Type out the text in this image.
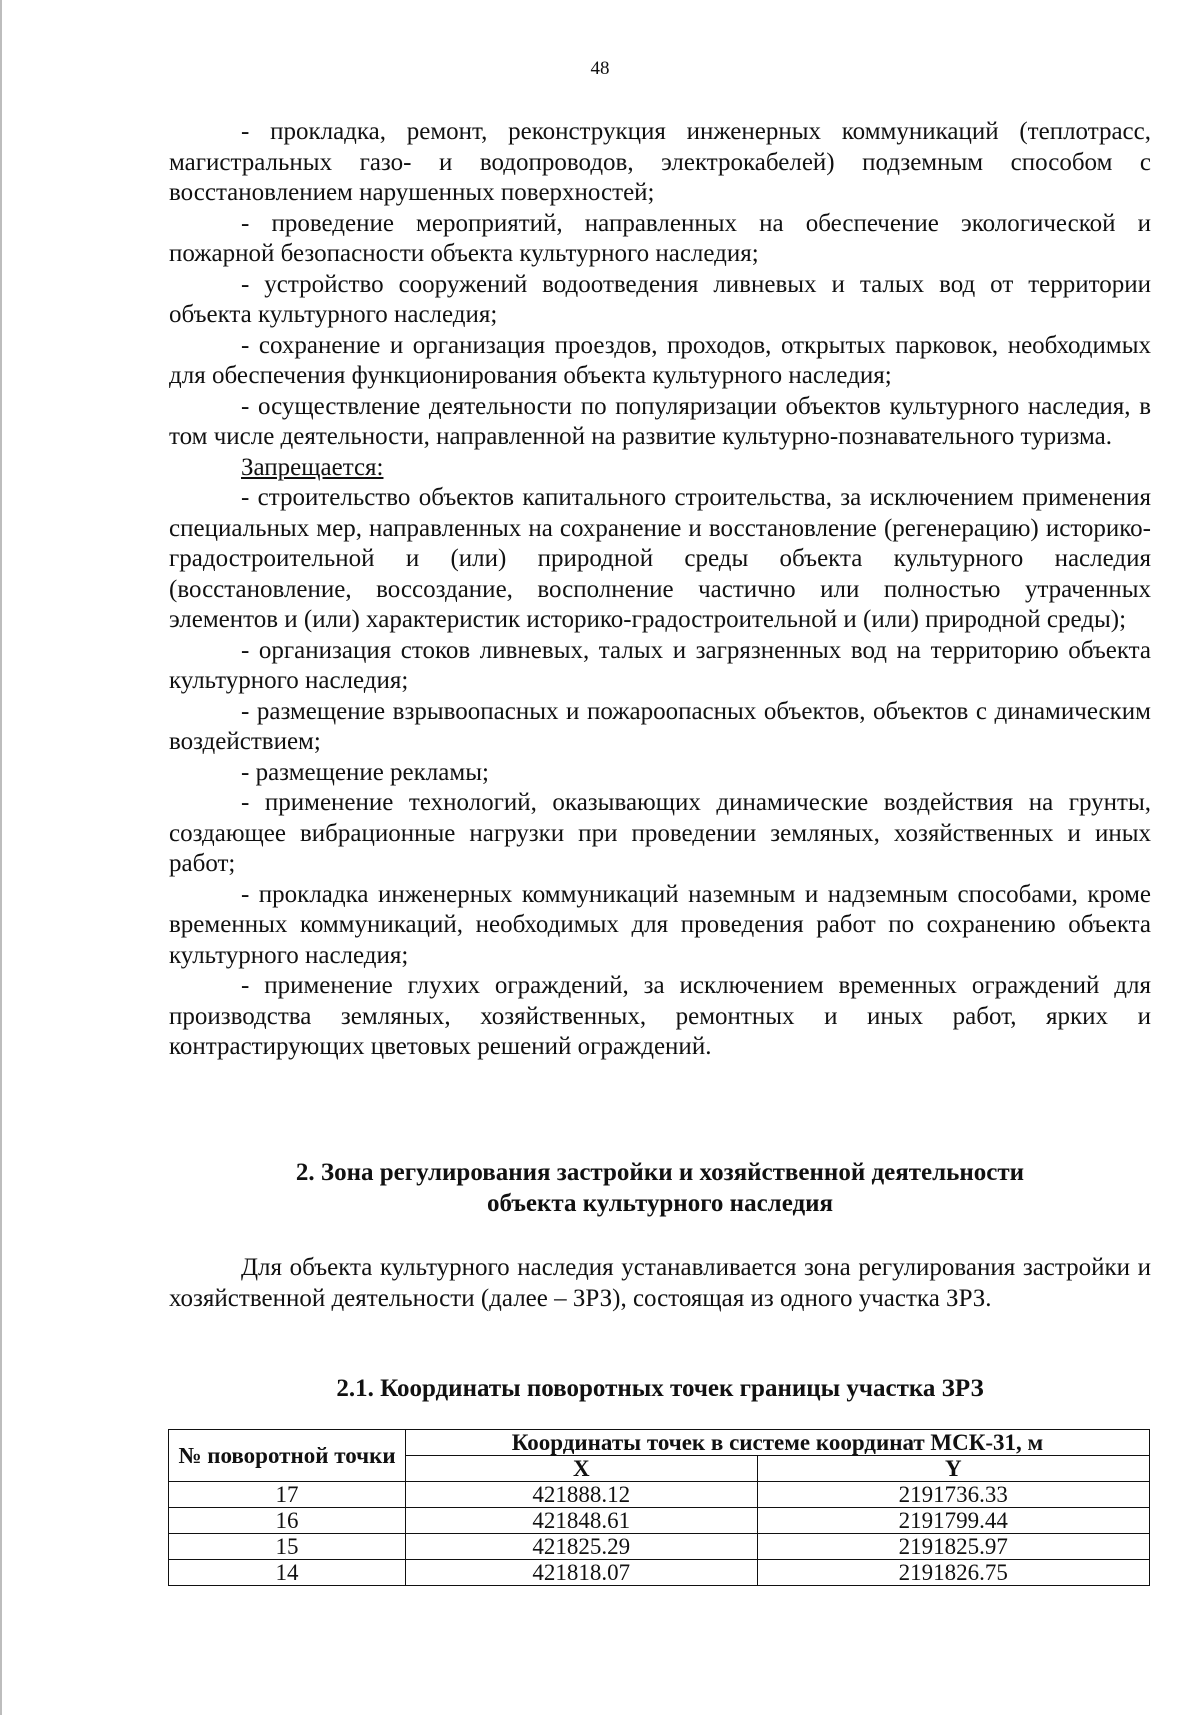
48

- прокладка, ремонт, реконструкция инженерных коммуникаций (теплотрасс, магистральных газо- и водопроводов, электрокабелей) подземным способом с восстановлением нарушенных поверхностей;

- проведение мероприятий, направленных на обеспечение экологической и пожарной безопасности объекта культурного наследия;

- устройство сооружений водоотведения ливневых и талых вод от территории объекта культурного наследия;

- сохранение и организация проездов, проходов, открытых парковок, необходимых для обеспечения функционирования объекта культурного наследия;

- осуществление деятельности по популяризации объектов культурного наследия, в том числе деятельности, направленной на развитие культурно-познавательного туризма.

Запрещается:

- строительство объектов капитального строительства, за исключением применения специальных мер, направленных на сохранение и восстановление (регенерацию) историко-градостроительной и (или) природной среды объекта культурного наследия (восстановление, воссоздание, восполнение частично или полностью утраченных элементов и (или) характеристик историко-градостроительной и (или) природной среды);

- организация стоков ливневых, талых и загрязненных вод на территорию объекта культурного наследия;

- размещение взрывоопасных и пожароопасных объектов, объектов с динамическим воздействием;

- размещение рекламы;

- применение технологий, оказывающих динамические воздействия на грунты, создающее вибрационные нагрузки при проведении земляных, хозяйственных и иных работ;

- прокладка инженерных коммуникаций наземным и надземным способами, кроме временных коммуникаций, необходимых для проведения работ по сохранению объекта культурного наследия;

- применение глухих ограждений, за исключением временных ограждений для производства земляных, хозяйственных, ремонтных и иных работ, ярких и контрастирующих цветовых решений ограждений.

2. Зона регулирования застройки и хозяйственной деятельности
объекта культурного наследия

Для объекта культурного наследия устанавливается зона регулирования застройки и хозяйственной деятельности (далее – ЗРЗ), состоящая из одного участка ЗРЗ.

2.1. Координаты поворотных точек границы участка ЗРЗ
№ поворотной точки	Координаты точек в системе координат МСК-31, м	
	X	Y
17	421888.12	2191736.33
16	421848.61	2191799.44
15	421825.29	2191825.97
14	421818.07	2191826.75
